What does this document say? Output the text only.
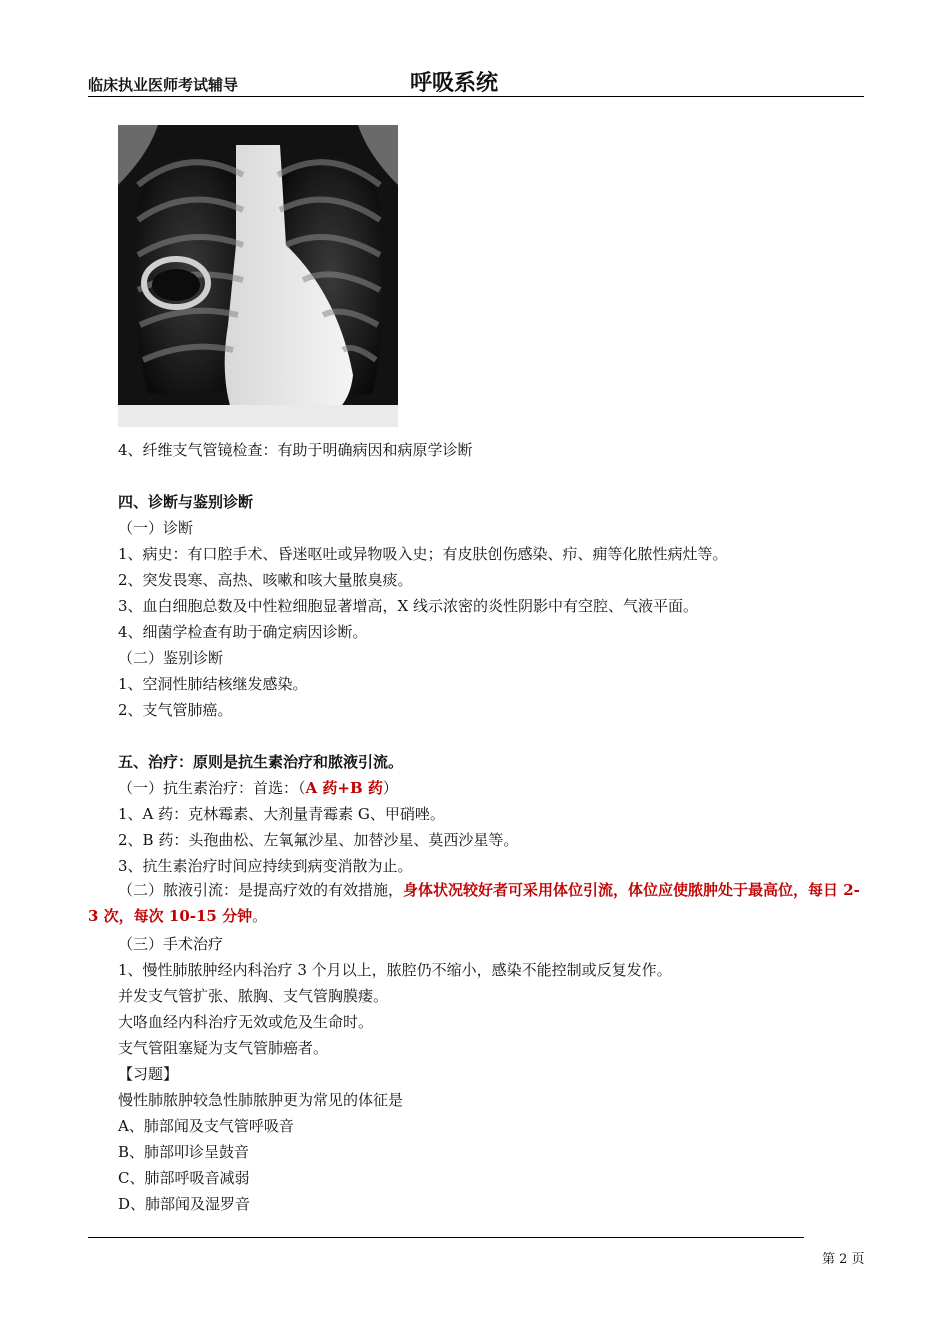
临床执业医师考试辅导	呼吸系统
4、纤维支气管镜检查：有助于明确病因和病原学诊断
四、诊断与鉴别诊断
（一）诊断
1、病史：有口腔手术、昏迷呕吐或异物吸入史；有皮肤创伤感染、疖、痈等化脓性病灶等。
2、突发畏寒、高热、咳嗽和咳大量脓臭痰。
3、血白细胞总数及中性粒细胞显著增高，X 线示浓密的炎性阴影中有空腔、气液平面。
4、细菌学检查有助于确定病因诊断。
（二）鉴别诊断
1、空洞性肺结核继发感染。
2、支气管肺癌。
五、治疗：原则是抗生素治疗和脓液引流。
（一）抗生素治疗：首选：（A 药+B 药）
1、A 药：克林霉素、大剂量青霉素 G、甲硝唑。
2、B 药：头孢曲松、左氧氟沙星、加替沙星、莫西沙星等。
3、抗生素治疗时间应持续到病变消散为止。
（二）脓液引流：是提高疗效的有效措施，身体状况较好者可采用体位引流，体位应使脓肿处于最高位，每日 2-3 次，每次 10-15 分钟。
（三）手术治疗
1、慢性肺脓肿经内科治疗 3 个月以上，脓腔仍不缩小，感染不能控制或反复发作。
并发支气管扩张、脓胸、支气管胸膜瘘。
大咯血经内科治疗无效或危及生命时。
支气管阻塞疑为支气管肺癌者。
【习题】
慢性肺脓肿较急性肺脓肿更为常见的体征是
A、肺部闻及支气管呼吸音
B、肺部叩诊呈鼓音
C、肺部呼吸音减弱
D、肺部闻及湿罗音
第 2 页
